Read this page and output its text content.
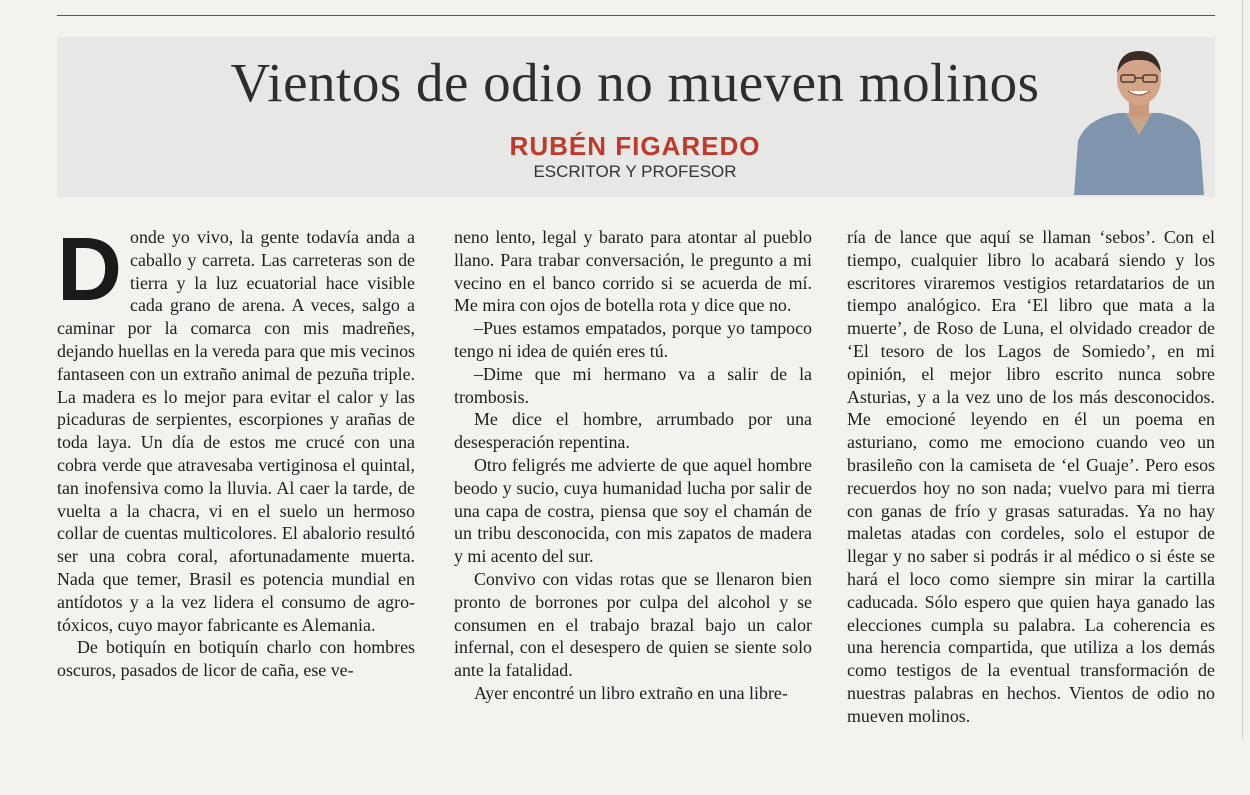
Vientos de odio no mueven molinos
RUBÉN FIGAREDO
ESCRITOR Y PROFESOR

Donde yo vivo, la gente todavía anda a caballo y carreta. Las carreteras son de tierra y la luz ecuatorial hace visible cada grano de arena. A veces, salgo a caminar por la comarca con mis madreñes, dejando huellas en la vereda para que mis vecinos fantaseen con un extraño animal de pezuña triple. La madera es lo mejor para evitar el calor y las picaduras de serpientes, escorpiones y arañas de toda laya. Un día de estos me crucé con una cobra verde que atravesaba vertiginosa el quintal, tan inofensiva como la lluvia. Al caer la tarde, de vuelta a la chacra, vi en el suelo un hermoso collar de cuentas multicolores. El abalorio resultó ser una cobra coral, afortunadamente muerta. Nada que temer, Brasil es potencia mundial en antídotos y a la vez lidera el consumo de agro-tóxicos, cuyo mayor fabricante es Alemania.

De botiquín en botiquín charlo con hombres oscuros, pasados de licor de caña, ese ve-

neno lento, legal y barato para atontar al pueblo llano. Para trabar conversación, le pregunto a mi vecino en el banco corrido si se acuerda de mí. Me mira con ojos de botella rota y dice que no.

–Pues estamos empatados, porque yo tampoco tengo ni idea de quién eres tú.

–Dime que mi hermano va a salir de la trombosis.

Me dice el hombre, arrumbado por una desesperación repentina.

Otro feligrés me advierte de que aquel hombre beodo y sucio, cuya humanidad lucha por salir de una capa de costra, piensa que soy el chamán de un tribu desconocida, con mis zapatos de madera y mi acento del sur.

Convivo con vidas rotas que se llenaron bien pronto de borrones por culpa del alcohol y se consumen en el trabajo brazal bajo un calor infernal, con el desespero de quien se siente solo ante la fatalidad.

Ayer encontré un libro extraño en una libre-

ría de lance que aquí se llaman ‘sebos’. Con el tiempo, cualquier libro lo acabará siendo y los escritores viraremos vestigios retardatarios de un tiempo analógico. Era ‘El libro que mata a la muerte’, de Roso de Luna, el olvidado creador de ‘El tesoro de los Lagos de Somiedo’, en mi opinión, el mejor libro escrito nunca sobre Asturias, y a la vez uno de los más desconocidos. Me emocioné leyendo en él un poema en asturiano, como me emociono cuando veo un brasileño con la camiseta de ‘el Guaje’. Pero esos recuerdos hoy no son nada; vuelvo para mi tierra con ganas de frío y grasas saturadas. Ya no hay maletas atadas con cordeles, solo el estupor de llegar y no saber si podrás ir al médico o si éste se hará el loco como siempre sin mirar la cartilla caducada. Sólo espero que quien haya ganado las elecciones cumpla su palabra. La coherencia es una herencia compartida, que utiliza a los demás como testigos de la eventual transformación de nuestras palabras en hechos. Vientos de odio no mueven molinos.
